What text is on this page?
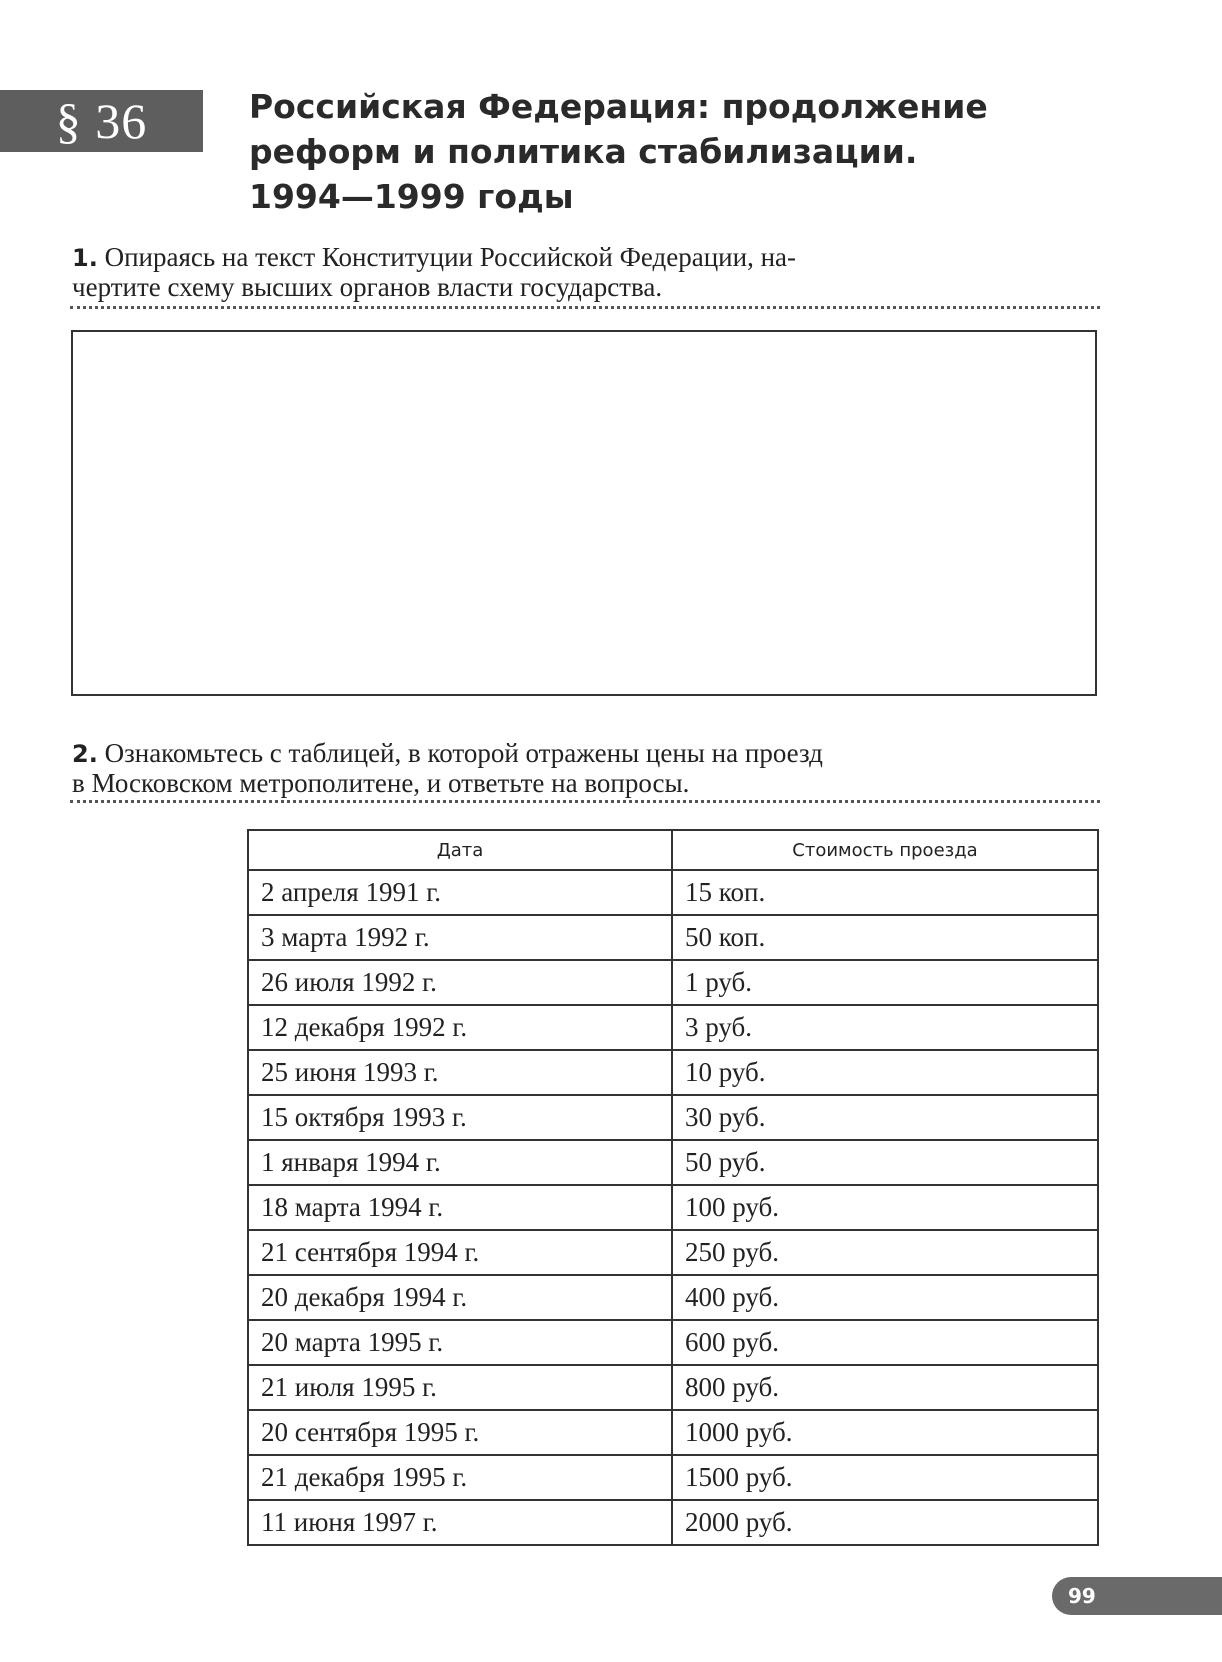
§ 36	Российская Федерация: продолжение
реформ и политика стабилизации.
1994—1999 годы
1. Опираясь на текст Конституции Российской Федерации, на-
чертите схему высших органов власти государства.
2. Ознакомьтесь с таблицей, в которой отражены цены на проезд
в Московском метрополитене, и ответьте на вопросы.
Дата	Стоимость проезда
2 апреля 1991 г.	15 коп.
3 марта 1992 г.	50 коп.
26 июля 1992 г.	1 руб.
12 декабря 1992 г.	3 руб.
25 июня 1993 г.	10 руб.
15 октября 1993 г.	30 руб.
1 января 1994 г.	50 руб.
18 марта 1994 г.	100 руб.
21 сентября 1994 г.	250 руб.
20 декабря 1994 г.	400 руб.
20 марта 1995 г.	600 руб.
21 июля 1995 г.	800 руб.
20 сентября 1995 г.	1000 руб.
21 декабря 1995 г.	1500 руб.
11 июня 1997 г.	2000 руб.
99
